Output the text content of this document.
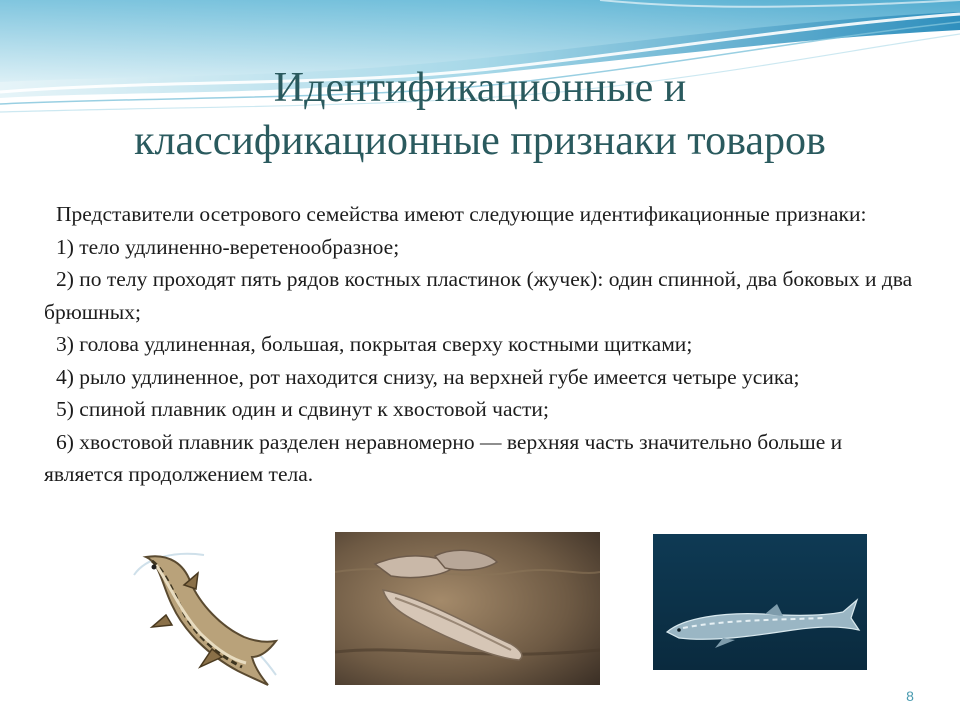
Идентификационные и
классификационные признаки товаров

Представители осетрового семейства имеют следующие идентификационные признаки:

1) тело удлиненно-веретенообразное;

2) по телу проходят пять рядов костных пластинок (жучек): один спинной, два боковых и два брюшных;

3) голова удлиненная, большая, покрытая сверху костными щитками;

4) рыло удлиненное, рот находится снизу, на верхней губе имеется четыре усика;

5) спиной плавник один и сдвинут к хвостовой части;

6) хвостовой плавник разделен неравномерно — верхняя часть значительно больше и является продолжением тела.

8
